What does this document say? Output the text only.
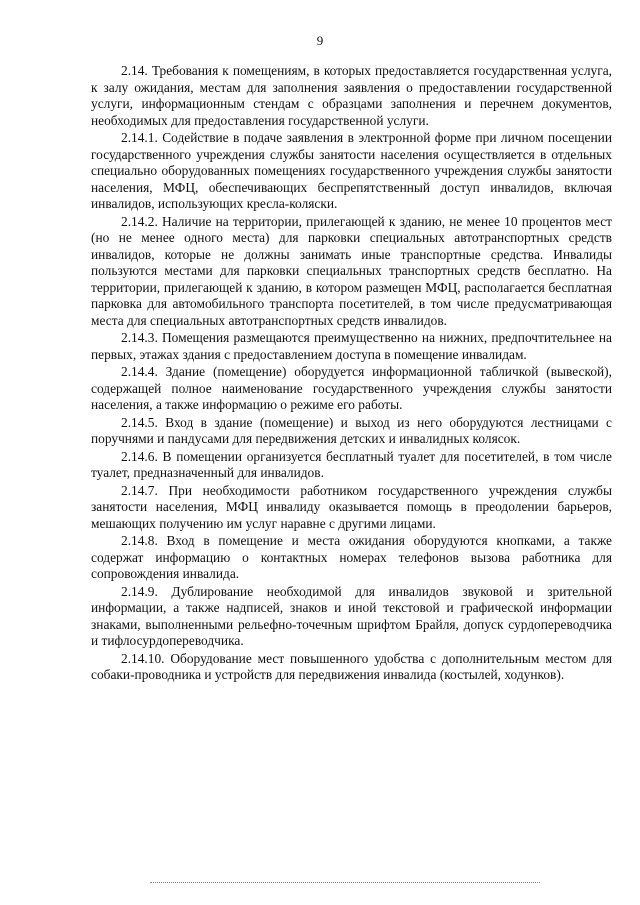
9

2.14. Требования к помещениям, в которых предоставляется государственная услуга, к залу ожидания, местам для заполнения заявления о предоставлении государственной услуги, информационным стендам с образцами заполнения и перечнем документов, необходимых для предоставления государственной услуги.

2.14.1. Содействие в подаче заявления в электронной форме при личном посещении государственного учреждения службы занятости населения осуществляется в отдельных специально оборудованных помещениях государственного учреждения службы занятости населения, МФЦ, обеспечивающих беспрепятственный доступ инвалидов, включая инвалидов, использующих кресла-коляски.

2.14.2. Наличие на территории, прилегающей к зданию, не менее 10 процентов мест (но не менее одного места) для парковки специальных автотранспортных средств инвалидов, которые не должны занимать иные транспортные средства. Инвалиды пользуются местами для парковки специальных транспортных средств бесплатно. На территории, прилегающей к зданию, в котором размещен МФЦ, располагается бесплатная парковка для автомобильного транспорта посетителей, в том числе предусматривающая места для специальных автотранспортных средств инвалидов.

2.14.3. Помещения размещаются преимущественно на нижних, предпочтительнее на первых, этажах здания с предоставлением доступа в помещение инвалидам.

2.14.4. Здание (помещение) оборудуется информационной табличкой (вывеской), содержащей полное наименование государственного учреждения службы занятости населения, а также информацию о режиме его работы.

2.14.5. Вход в здание (помещение) и выход из него оборудуются лестницами с поручнями и пандусами для передвижения детских и инвалидных колясок.

2.14.6. В помещении организуется бесплатный туалет для посетителей, в том числе туалет, предназначенный для инвалидов.

2.14.7. При необходимости работником государственного учреждения службы занятости населения, МФЦ инвалиду оказывается помощь в преодолении барьеров, мешающих получению им услуг наравне с другими лицами.

2.14.8. Вход в помещение и места ожидания оборудуются кнопками, а также содержат информацию о контактных номерах телефонов вызова работника для сопровождения инвалида.

2.14.9. Дублирование необходимой для инвалидов звуковой и зрительной информации, а также надписей, знаков и иной текстовой и графической информации знаками, выполненными рельефно-точечным шрифтом Брайля, допуск сурдопереводчика и тифлосурдопереводчика.

2.14.10. Оборудование мест повышенного удобства с дополнительным местом для собаки-проводника и устройств для передвижения инвалида (костылей, ходунков).
